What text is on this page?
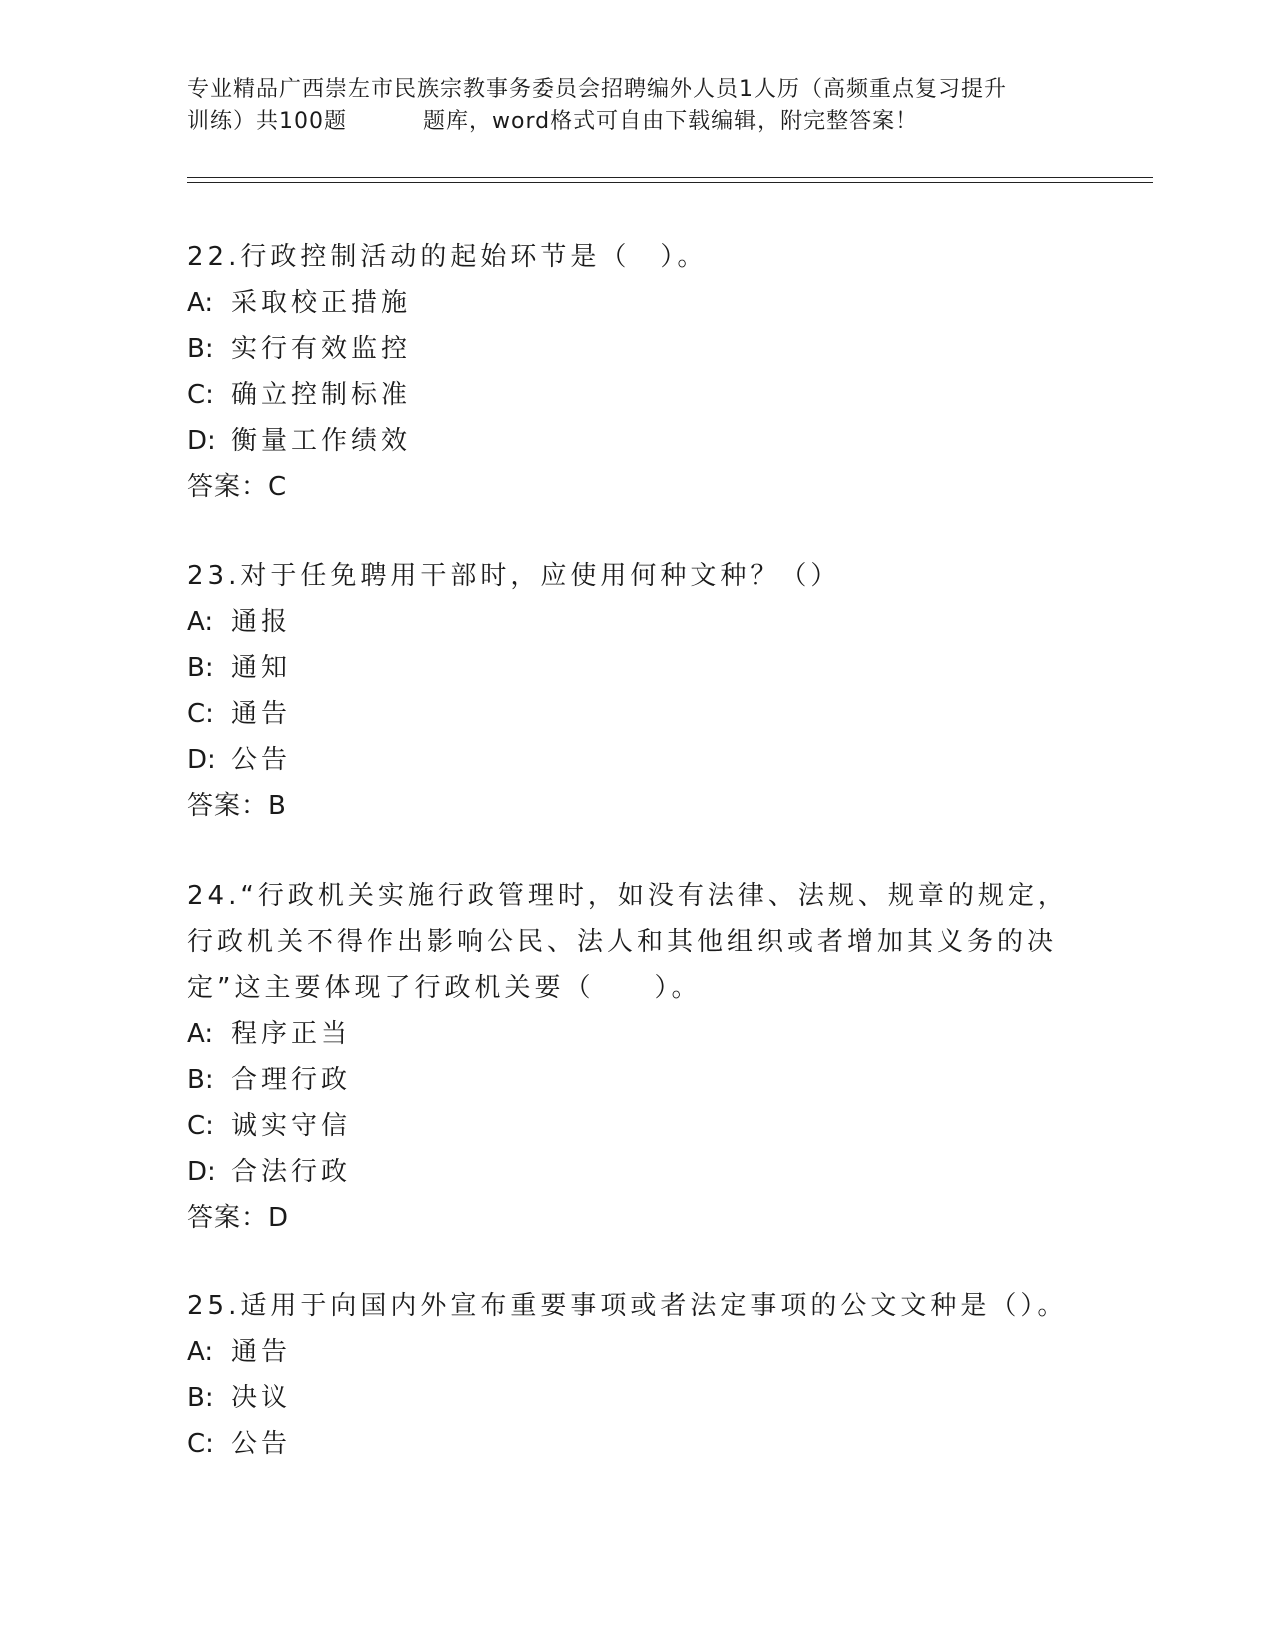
专业精品广西崇左市民族宗教事务委员会招聘编外人员1人历（高频重点复习提升
训练）共100题	题库，word格式可自由下载编辑，附完整答案！
22.行政控制活动的起始环节是（　）。
A: 采取校正措施
B: 实行有效监控
C: 确立控制标准
D: 衡量工作绩效
答案：C
23.对于任免聘用干部时，应使用何种文种？（）
A: 通报
B: 通知
C: 通告
D: 公告
答案：B
24.“行政机关实施行政管理时，如没有法律、法规、规章的规定，行政机关不得作出影响公民、法人和其他组织或者增加其义务的决定”这主要体现了行政机关要（　　）。
A: 程序正当
B: 合理行政
C: 诚实守信
D: 合法行政
答案：D
25.适用于向国内外宣布重要事项或者法定事项的公文文种是（）。
A: 通告
B: 决议
C: 公告
